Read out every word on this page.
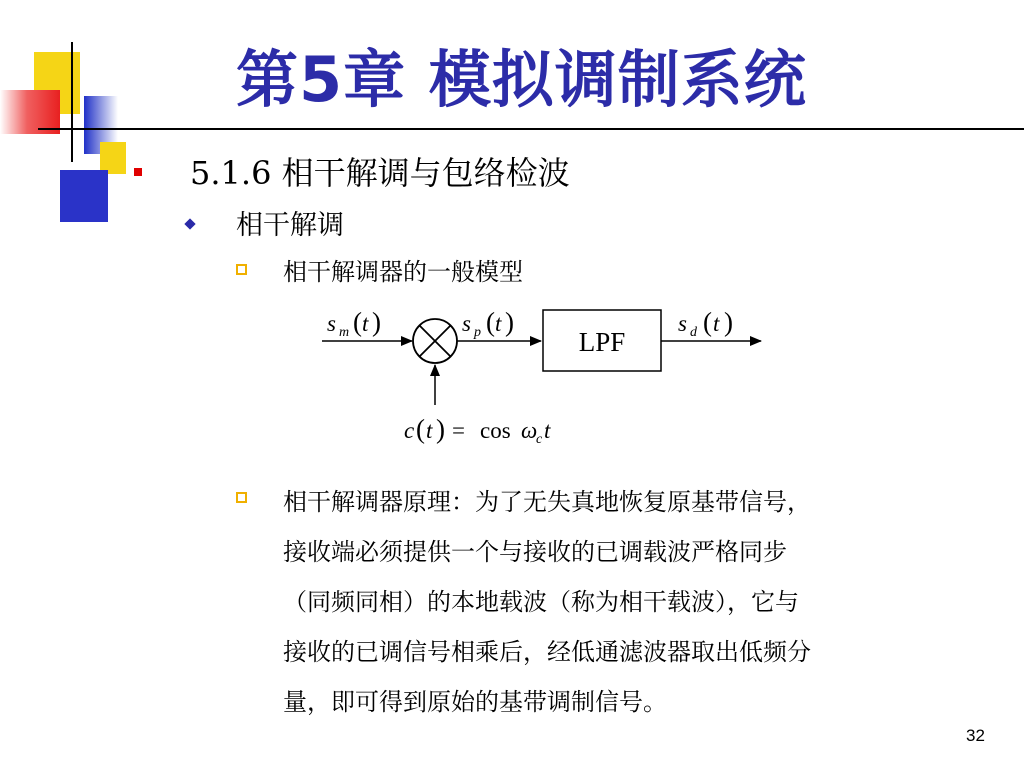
第5章 模拟调制系统
5.1.6 相干解调与包络检波
相干解调
相干解调器的一般模型
LPF
s m ( t )	s p ( t )	s d ( t )
c ( t ) = cos ω
c t
相干解调器原理：为了无失真地恢复原基带信号，
接收端必须提供一个与接收的已调载波严格同步
（同频同相）的本地载波（称为相干载波），它与
接收的已调信号相乘后，经低通滤波器取出低频分
量，即可得到原始的基带调制信号。
32
